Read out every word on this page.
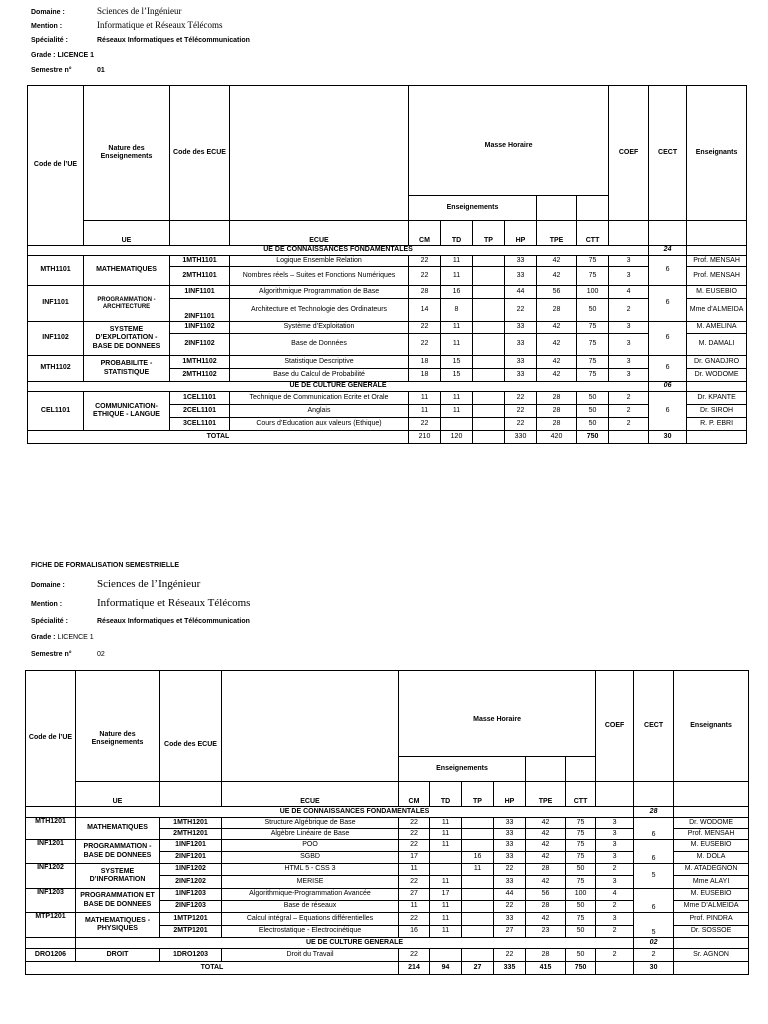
Domaine :	Sciences de l’Ingénieur
Mention :	Informatique et Réseaux Télécoms
Spécialité :	Réseaux Informatiques et Télécommunication
Grade : LICENCE 1
Semestre n°	01
Code de l’UE	Nature des Enseignements	Code des ECUE		Masse Horaire						COEF	CECT	Enseignants
				Enseignements								
	UE		ECUE	CM	TD	TP	HP	TPE	CTT			
UE DE CONNAISSANCES FONDAMENTALES											24	
MTH1101	MATHEMATIQUES	1MTH1101	Logique Ensemble Relation	22	11		33	42	75	3	6	Prof. MENSAH
		2MTH1101	Nombres réels – Suites et Fonctions Numériques	22	11		33	42	75	3		Prof. MENSAH
INF1101	PROGRAMMATION - ARCHITECTURE	1INF1101	Algorithmique Programmation de Base	28	16		44	56	100	4	6	M. EUSEBIO
		2INF1101	Architecture et Technologie des Ordinateurs	14	8		22	28	50	2		Mme d’ALMEIDA
INF1102	SYSTEME D’EXPLOITATION - BASE DE DONNEES	1INF1102	Système d’Exploitation	22	11		33	42	75	3	6	M. AMELINA
		2INF1102	Base de Données	22	11		33	42	75	3		M. DAMALI
MTH1102	PROBABILITE - STATISTIQUE	1MTH1102	Statistique Descriptive	18	15		33	42	75	3	6	Dr. GNADJRO
		2MTH1102	Base du Calcul de Probabilité	18	15		33	42	75	3		Dr. WODOME
UE DE CULTURE GENERALE											06	
CEL1101	COMMUNICATION-ETHIQUE - LANGUE	1CEL1101	Technique de Communication Ecrite et Orale	11	11		22	28	50	2	6	Dr. KPANTE
		2CEL1101	Anglais	11	11		22	28	50	2		Dr. SIROH
		3CEL1101	Cours d’Education aux valeurs (Ethique)	22			22	28	50	2		R. P. EBRI
TOTAL				210	120		330	420	750		30	
FICHE DE FORMALISATION SEMESTRIELLE
Domaine :	Sciences de l’Ingénieur
Mention :	Informatique et Réseaux Télécoms
Spécialité :	Réseaux Informatiques et Télécommunication
Grade : LICENCE 1
Semestre n°	02
Code de l’UE	Nature des Enseignements	Code des ECUE		Masse Horaire						COEF	CECT	Enseignants
				Enseignements								
	UE		ECUE	CM	TD	TP	HP	TPE	CTT			
	UE DE CONNAISSANCES FONDAMENTALES										28	
MTH1201	MATHEMATIQUES	1MTH1201	Structure Algébrique de Base	22	11		33	42	75	3	6	Dr. WODOME
		2MTH1201	Algèbre Linéaire de Base	22	11		33	42	75	3		Prof. MENSAH
INF1201	PROGRAMMATION - BASE DE DONNEES	1INF1201	POO	22	11		33	42	75	3	6	M. EUSEBIO
		2INF1201	SGBD	17		16	33	42	75	3		M. DOLA
INF1202	SYSTEME D’INFORMATION	1INF1202	HTML 5 - CSS 3	11		11	22	28	50	2	5	M. ATADEGNON
		2INF1202	MERISE	22	11		33	42	75	3		Mme ALAYI
INF1203	PROGRAMMATION ET BASE DE DONNEES	1INF1203	Algorithmique-Programmation Avancée	27	17		44	56	100	4	6	M. EUSEBIO
		2INF1203	Base de réseaux	11	11		22	28	50	2		Mme D’ALMEIDA
MTP1201	MATHEMATIQUES - PHYSIQUES	1MTP1201	Calcul intégral – Equations différentielles	22	11		33	42	75	3	5	Prof. PINDRA
		2MTP1201	Electrostatique - Electrocinétique	16	11		27	23	50	2		Dr. SOSSOE
	UE DE CULTURE GENERALE										02	
DRO1206	DROIT	1DRO1203	Droit du Travail	22			22	28	50	2	2	Sr. AGNON
TOTAL				214	94	27	335	415	750		30	
